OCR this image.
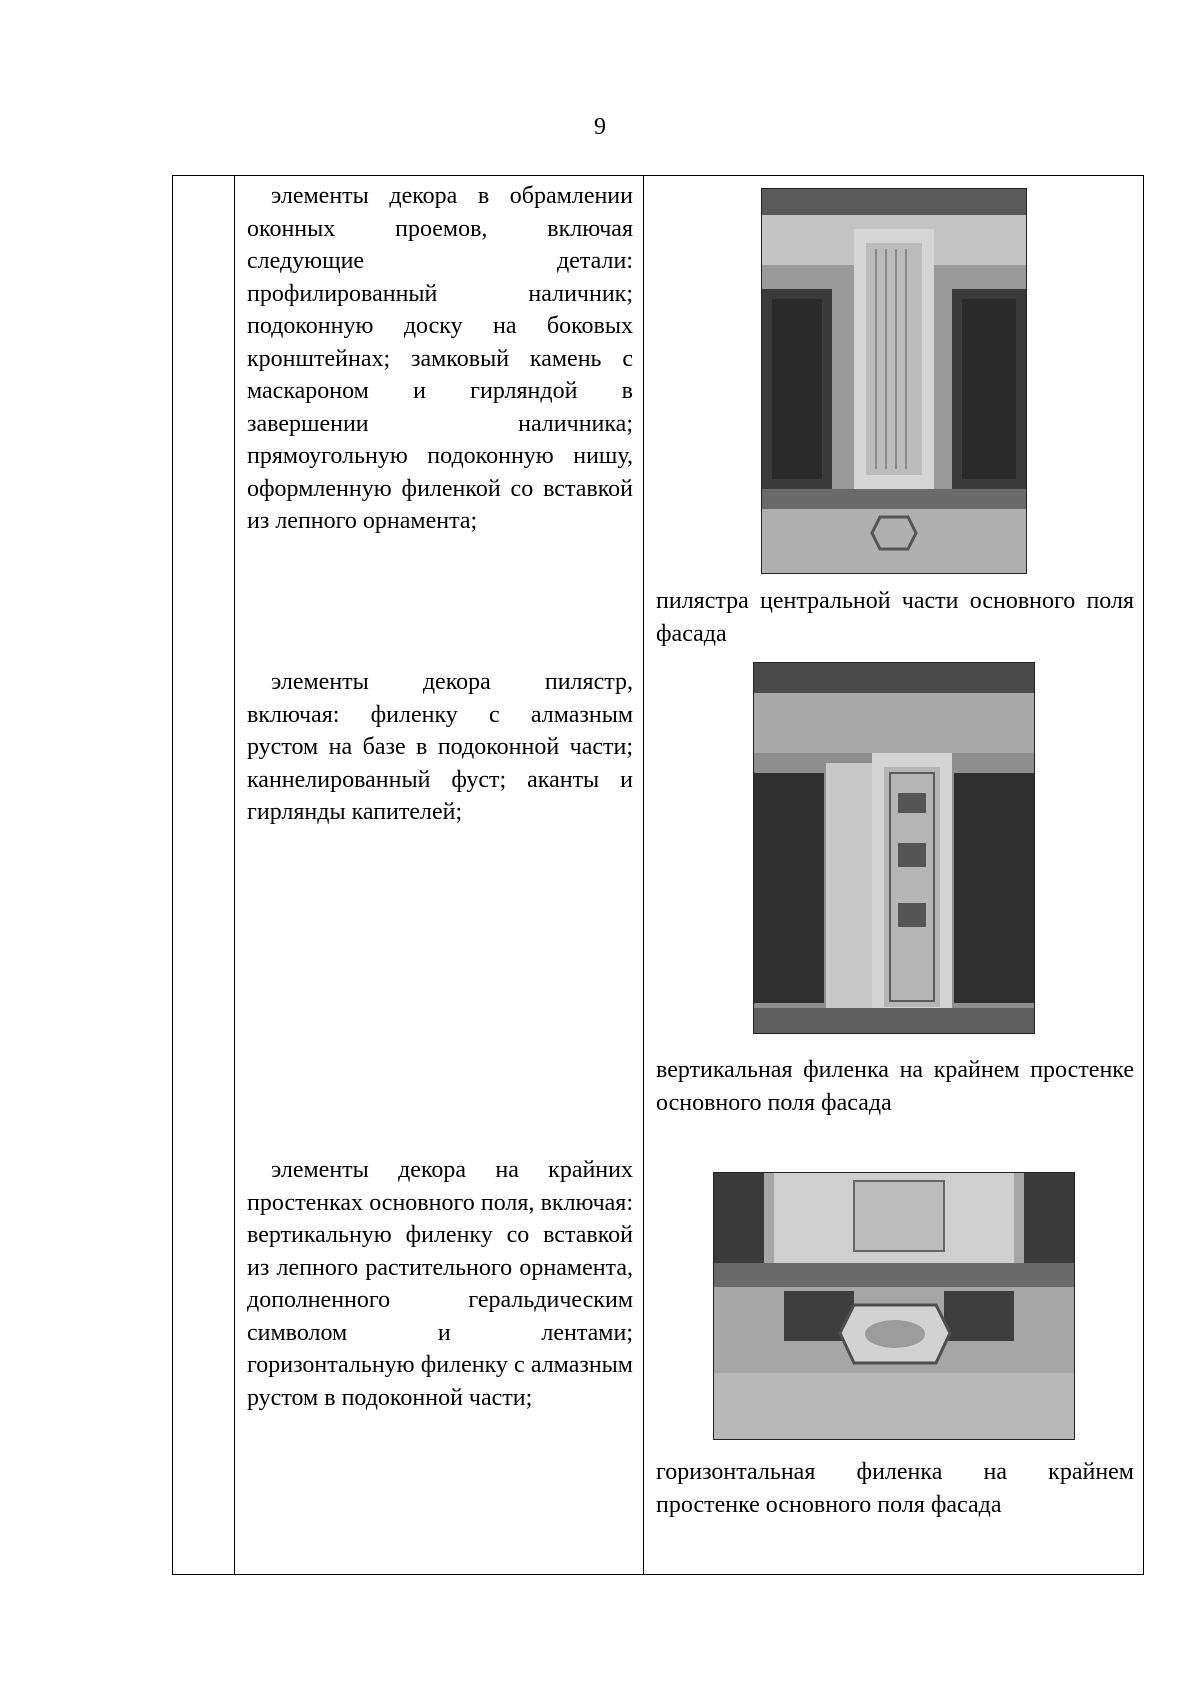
9

элементы декора в обрамлении оконных проемов, включая следующие детали: профилированный наличник; подоконную доску на боковых кронштейнах; замковый камень с маскароном и гирляндой в завершении наличника; прямоугольную подоконную нишу, оформленную филенкой со вставкой из лепного орнамента;

пилястра центральной части основного поля фасада

элементы декора пилястр, включая: филенку с алмазным рустом на базе в подоконной части; каннелированный фуст; аканты и гирлянды капителей;

вертикальная филенка на крайнем простенке основного поля фасада

элементы декора на крайних простенках основного поля, включая: вертикальную филенку со вставкой из лепного растительного орнамента, дополненного геральдическим символом и лентами; горизонтальную филенку с алмазным рустом в подоконной части;

горизонтальная филенка на крайнем простенке основного поля фасада
